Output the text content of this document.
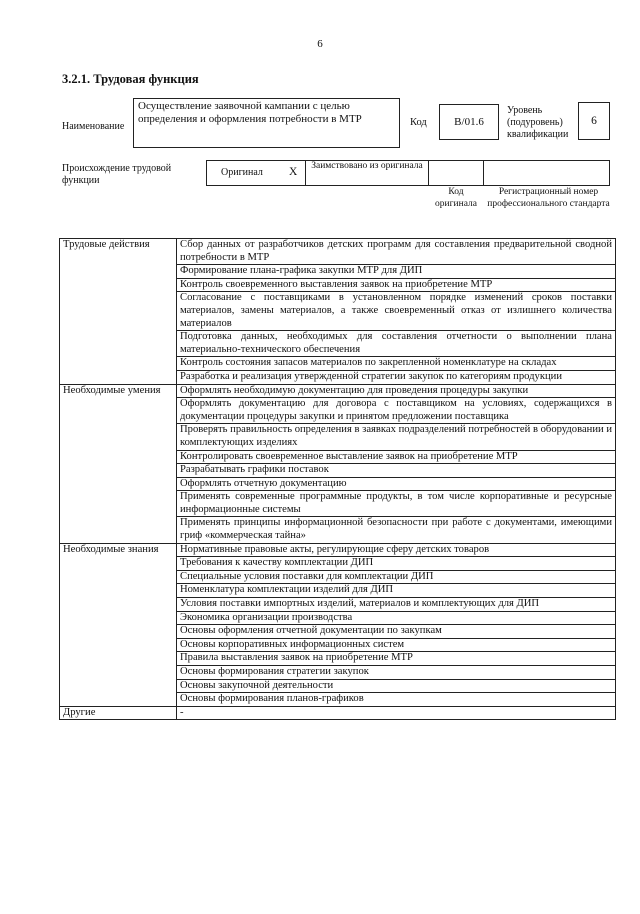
6
3.2.1. Трудовая функция
Наименование
Осуществление заявочной кампании с целью определения и оформления потребности в МТР	Код	B/01.6
Уровень (подуровень) квалификации
6
Происхождение трудовой функции
Оригинал X	Заимствовано из оригинала
Код оригинала
Регистрационный номер профессионального стандарта
Трудовые действия	Сбор данных от разработчиков детских программ для составления предварительной сводной потребности в МТР
	Формирование плана-графика закупки МТР для ДИП
	Контроль своевременного выставления заявок на приобретение МТР
	Согласование с поставщиками в установленном порядке изменений сроков поставки материалов, замены материалов, а также своевременный отказ от излишнего количества материалов
	Подготовка данных, необходимых для составления отчетности о выполнении плана материально-технического обеспечения
	Контроль состояния запасов материалов по закрепленной номенклатуре на складах
	Разработка и реализация утвержденной стратегии закупок по категориям продукции
Необходимые умения	Оформлять необходимую документацию для проведения процедуры закупки
	Оформлять документацию для договора с поставщиком на условиях, содержащихся в документации процедуры закупки и принятом предложении поставщика
	Проверять правильность определения в заявках подразделений потребностей в оборудовании и комплектующих изделиях
	Контролировать своевременное выставление заявок на приобретение МТР
	Разрабатывать графики поставок
	Оформлять отчетную документацию
	Применять современные программные продукты, в том числе корпоративные и ресурсные информационные системы
	Применять принципы информационной безопасности при работе с документами, имеющими гриф «коммерческая тайна»
Необходимые знания	Нормативные правовые акты, регулирующие сферу детских товаров
	Требования к качеству комплектации ДИП
	Специальные условия поставки для комплектации ДИП
	Номенклатура комплектации изделий для ДИП
	Условия поставки импортных изделий, материалов и комплектующих для ДИП
	Экономика организации производства
	Основы оформления отчетной документации по закупкам
	Основы корпоративных информационных систем
	Правила выставления заявок на приобретение МТР
	Основы формирования стратегии закупок
	Основы закупочной деятельности
	Основы формирования планов-графиков
Другие	-
